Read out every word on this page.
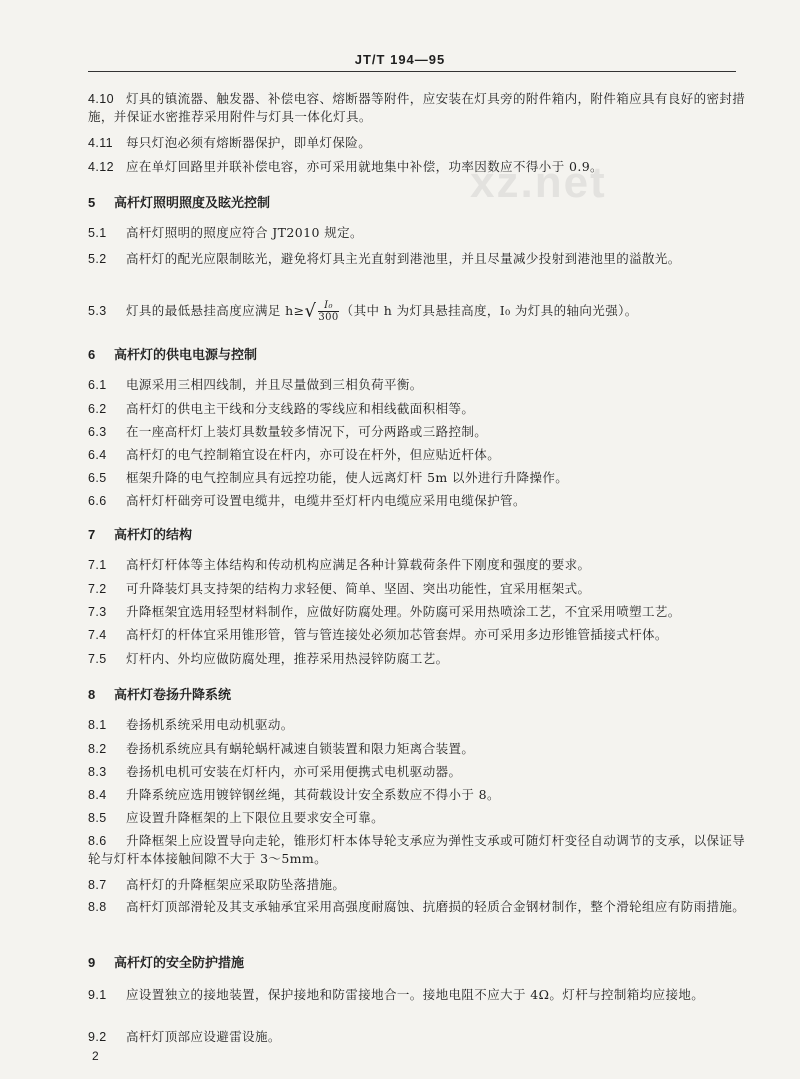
JT/T 194—95
xz.net

4.10 灯具的镇流器、触发器、补偿电容、熔断器等附件，应安装在灯具旁的附件箱内，附件箱应具有良好的密封措施，并保证水密推荐采用附件与灯具一体化灯具。

4.11 每只灯泡必须有熔断器保护，即单灯保险。

4.12 应在单灯回路里并联补偿电容，亦可采用就地集中补偿，功率因数应不得小于 0.9。

5 高杆灯照明照度及眩光控制

5.1 高杆灯照明的照度应符合 JT2010 规定。

5.2 高杆灯的配光应限制眩光，避免将灯具主光直射到港池里，并且尽量减少投射到港池里的溢散光。

5.3 灯具的最低悬挂高度应满足 $h\ge√ \frac{\text{I₀}}{300}$ （其中 h 为灯具悬挂高度，I₀ 为灯具的轴向光强）。

6 高杆灯的供电电源与控制

6.1 电源采用三相四线制，并且尽量做到三相负荷平衡。

6.2 高杆灯的供电主干线和分支线路的零线应和相线截面积相等。

6.3 在一座高杆灯上装灯具数量较多情况下，可分两路或三路控制。

6.4 高杆灯的电气控制箱宜设在杆内，亦可设在杆外，但应贴近杆体。

6.5 框架升降的电气控制应具有远控功能，使人远离灯杆 5m 以外进行升降操作。

6.6 高杆灯杆础旁可设置电缆井，电缆井至灯杆内电缆应采用电缆保护管。

7 高杆灯的结构

7.1 高杆灯杆体等主体结构和传动机构应满足各种计算载荷条件下刚度和强度的要求。

7.2 可升降装灯具支持架的结构力求轻便、简单、坚固、突出功能性，宜采用框架式。

7.3 升降框架宜选用轻型材料制作，应做好防腐处理。外防腐可采用热喷涂工艺，不宜采用喷塑工艺。

7.4 高杆灯的杆体宜采用锥形管，管与管连接处必须加芯管套焊。亦可采用多边形锥管插接式杆体。

7.5 灯杆内、外均应做防腐处理，推荐采用热浸锌防腐工艺。

8 高杆灯卷扬升降系统

8.1 卷扬机系统采用电动机驱动。

8.2 卷扬机系统应具有蜗轮蜗杆减速自锁装置和限力矩离合装置。

8.3 卷扬机电机可安装在灯杆内，亦可采用便携式电机驱动器。

8.4 升降系统应选用镀锌钢丝绳，其荷载设计安全系数应不得小于 8。

8.5 应设置升降框架的上下限位且要求安全可靠。

8.6 升降框架上应设置导向走轮，锥形灯杆本体导轮支承应为弹性支承或可随灯杆变径自动调节的支承，以保证导轮与灯杆本体接触间隙不大于 3～5mm。

8.7 高杆灯的升降框架应采取防坠落措施。

8.8 高杆灯顶部滑轮及其支承轴承宜采用高强度耐腐蚀、抗磨损的轻质合金钢材制作，整个滑轮组应有防雨措施。

9 高杆灯的安全防护措施

9.1 应设置独立的接地装置，保护接地和防雷接地合一。接地电阻不应大于 4Ω。灯杆与控制箱均应接地。

9.2 高杆灯顶部应设避雷设施。

2
